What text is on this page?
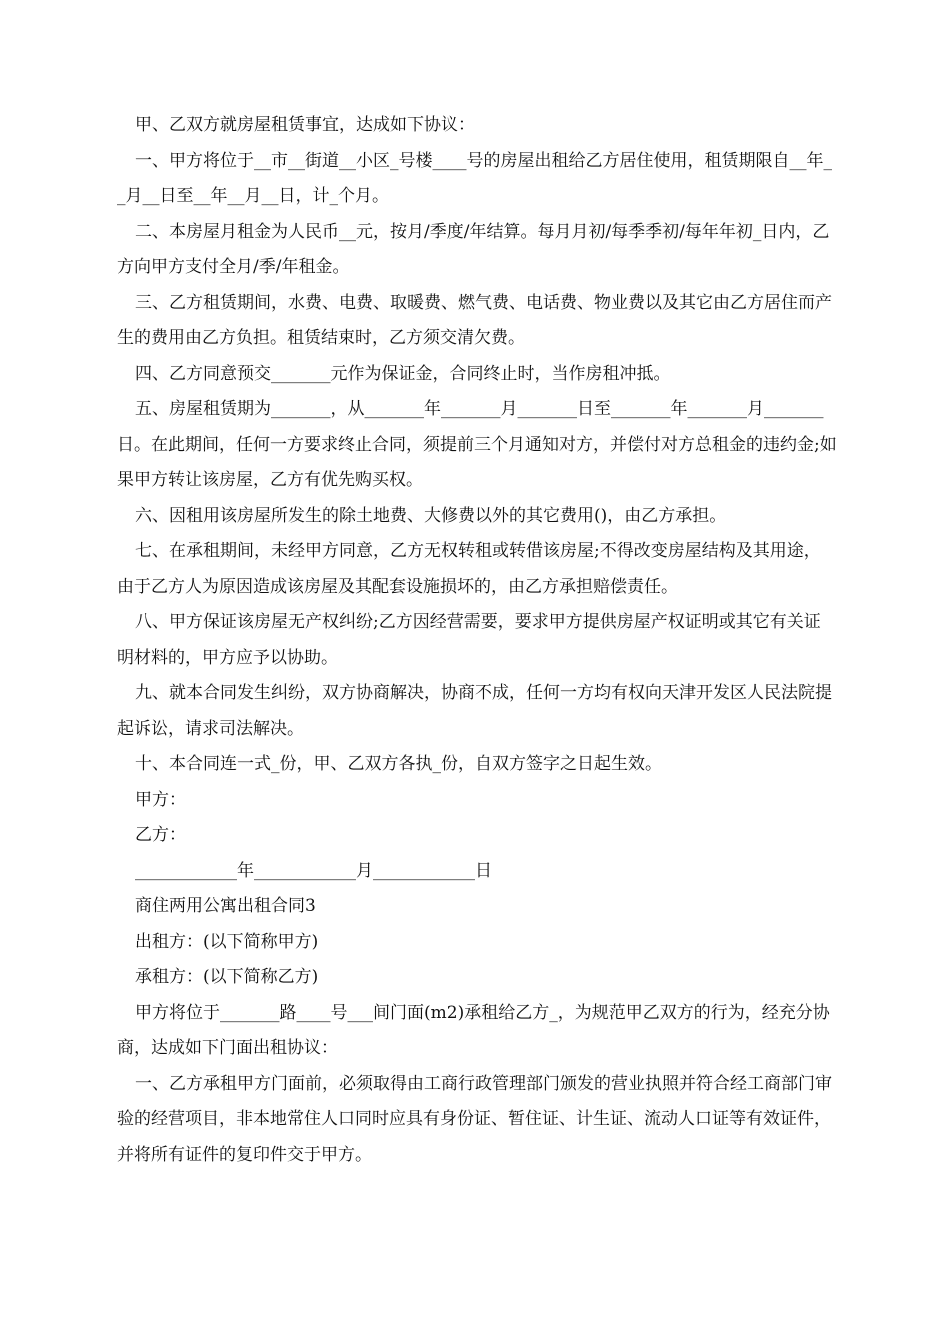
甲、乙双方就房屋租赁事宜，达成如下协议：

一、甲方将位于__市__街道__小区_号楼____号的房屋出租给乙方居住使用，租赁期限自__年__月__日至__年__月__日，计_个月。

二、本房屋月租金为人民币__元，按月/季度/年结算。每月月初/每季季初/每年年初_日内，乙方向甲方支付全月/季/年租金。

三、乙方租赁期间，水费、电费、取暖费、燃气费、电话费、物业费以及其它由乙方居住而产生的费用由乙方负担。租赁结束时，乙方须交清欠费。

四、乙方同意预交_______元作为保证金，合同终止时，当作房租冲抵。

五、房屋租赁期为_______，从_______年_______月_______日至_______年_______月_______日。在此期间，任何一方要求终止合同，须提前三个月通知对方，并偿付对方总租金的违约金;如果甲方转让该房屋，乙方有优先购买权。

六、因租用该房屋所发生的除土地费、大修费以外的其它费用()，由乙方承担。

七、在承租期间，未经甲方同意，乙方无权转租或转借该房屋;不得改变房屋结构及其用途，由于乙方人为原因造成该房屋及其配套设施损坏的，由乙方承担赔偿责任。

八、甲方保证该房屋无产权纠纷;乙方因经营需要，要求甲方提供房屋产权证明或其它有关证明材料的，甲方应予以协助。

九、就本合同发生纠纷，双方协商解决，协商不成，任何一方均有权向天津开发区人民法院提起诉讼，请求司法解决。

十、本合同连一式_份，甲、乙双方各执_份，自双方签字之日起生效。

甲方：

乙方：

____________年____________月____________日

商住两用公寓出租合同3

出租方：(以下简称甲方)

承租方：(以下简称乙方)

甲方将位于_______路____号___间门面(m2)承租给乙方_，为规范甲乙双方的行为，经充分协商，达成如下门面出租协议：

一、乙方承租甲方门面前，必须取得由工商行政管理部门颁发的营业执照并符合经工商部门审验的经营项目，非本地常住人口同时应具有身份证、暂住证、计生证、流动人口证等有效证件，并将所有证件的复印件交于甲方。
